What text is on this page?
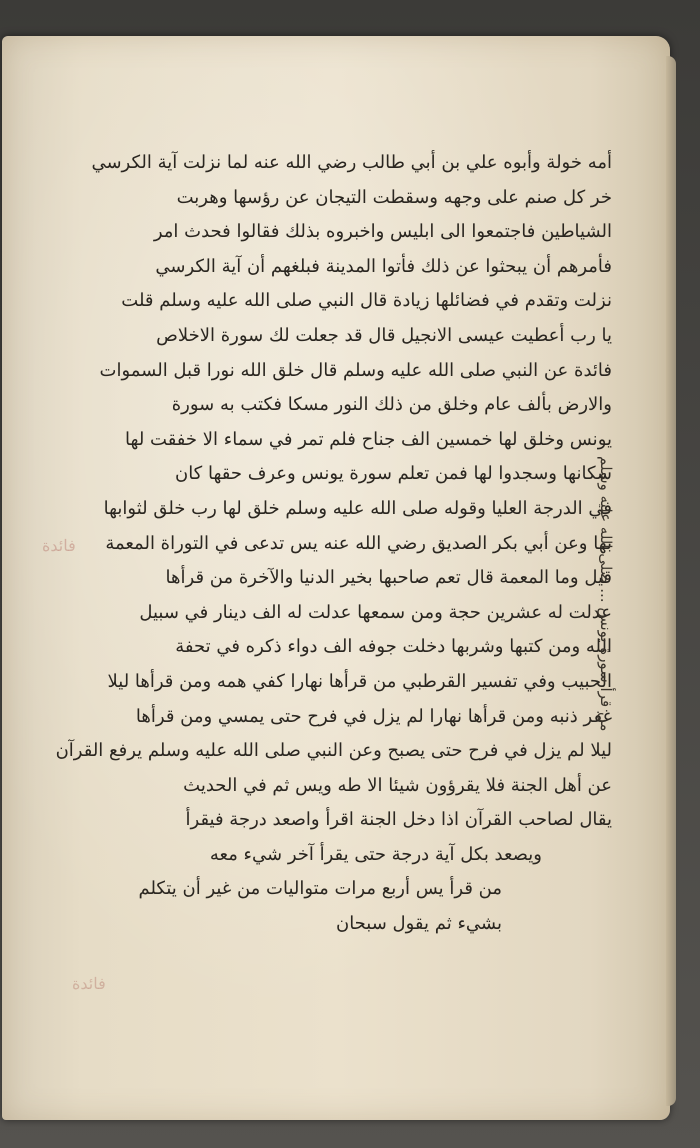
فائدة
فائدة
أمه خولة وأبوه علي بن أبي طالب رضي الله عنه لما نزلت آية الكرسي
خر كل صنم على وجهه وسقطت التيجان عن رؤسها وهربت
الشياطين فاجتمعوا الى ابليس واخبروه بذلك فقالوا فحدث امر
فأمرهم أن يبحثوا عن ذلك فأتوا المدينة فبلغهم أن آية الكرسي
نزلت وتقدم في فضائلها زيادة قال النبي صلى الله عليه وسلم قلت
يا رب أعطيت عيسى الانجيل قال قد جعلت لك سورة الاخلاص
فائدة عن النبي صلى الله عليه وسلم قال خلق الله نورا قبل السموات
والارض بألف عام وخلق من ذلك النور مسكا فكتب به سورة
يونس وخلق لها خمسين الف جناح فلم تمر في سماء الا خفقت لها
سكانها وسجدوا لها فمن تعلم سورة يونس وعرف حقها كان
في الدرجة العليا وقوله صلى الله عليه وسلم خلق لها رب خلق لثوابها
بها وعن أبي بكر الصديق رضي الله عنه يس تدعى في التوراة المعمة
قيل وما المعمة قال تعم صاحبها بخير الدنيا والآخرة من قرأها
عدلت له عشرين حجة ومن سمعها عدلت له الف دينار في سبيل
الله ومن كتبها وشربها دخلت جوفه الف دواء ذكره في تحفة
الحبيب وفي تفسير القرطبي من قرأها نهارا كفي همه ومن قرأها ليلا
غفر ذنبه ومن قرأها نهارا لم يزل في فرح حتى يمسي ومن قرأها
ليلا لم يزل في فرح حتى يصبح وعن النبي صلى الله عليه وسلم يرفع القرآن
عن أهل الجنة فلا يقرؤون شيئا الا طه ويس ثم في الحديث
يقال لصاحب القرآن اذا دخل الجنة اقرأ واصعد درجة فيقرأ
ويصعد بكل آية درجة حتى يقرأ آخر شيء معه
من قرأ يس أربع مرات متواليات من غير أن يتكلم
بشيء ثم يقول سبحان
من قرأ سورة يونس ... صلى الله عليه وسلم
